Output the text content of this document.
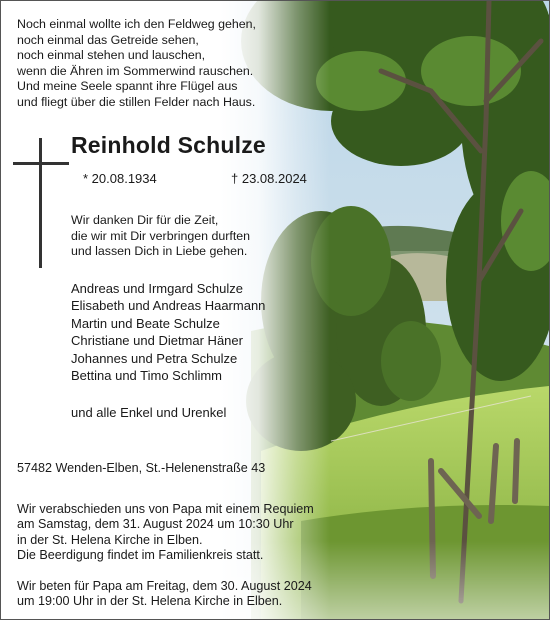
Noch einmal wollte ich den Feldweg gehen,
noch einmal das Getreide sehen,
noch einmal stehen und lauschen,
wenn die Ähren im Sommerwind rauschen.
Und meine Seele spannt ihre Flügel aus
und fliegt über die stillen Felder nach Haus.
Reinhold Schulze
* 20.08.1934	† 23.08.2024
Wir danken Dir für die Zeit,
die wir mit Dir verbringen durften
und lassen Dich in Liebe gehen.
Andreas und Irmgard Schulze
Elisabeth und Andreas Haarmann
Martin und Beate Schulze
Christiane und Dietmar Häner
Johannes und Petra Schulze
Bettina und Timo Schlimm
und alle Enkel und Urenkel
57482 Wenden-Elben, St.-Helenenstraße 43
Wir verabschieden uns von Papa mit einem Requiem
am Samstag, dem 31. August 2024 um 10:30 Uhr
in der St. Helena Kirche in Elben.
Die Beerdigung findet im Familienkreis statt.
Wir beten für Papa am Freitag, dem 30. August 2024
um 19:00 Uhr in der St. Helena Kirche in Elben.
